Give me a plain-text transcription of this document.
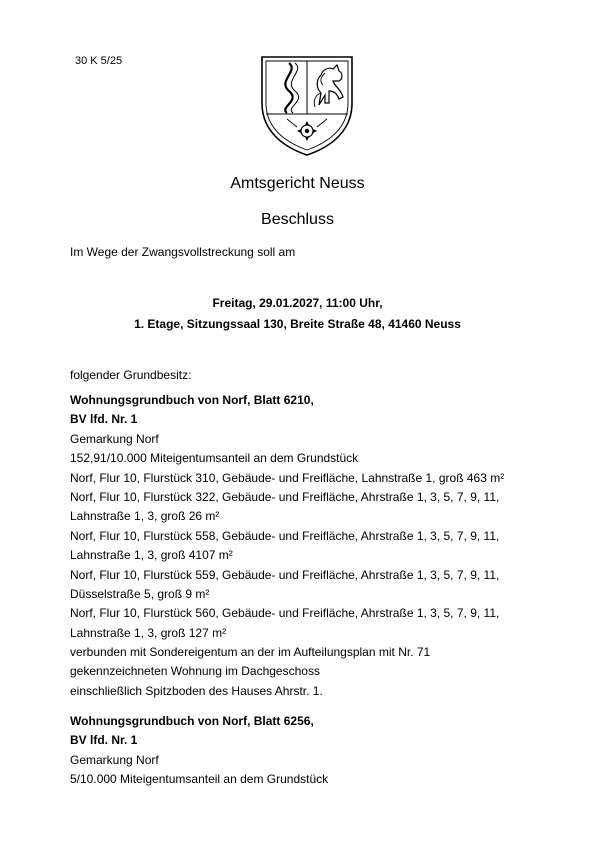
30 K 5/25
Amtsgericht Neuss
Beschluss
Im Wege der Zwangsvollstreckung soll am
Freitag, 29.01.2027, 11:00 Uhr,
1. Etage, Sitzungssaal 130, Breite Straße 48, 41460 Neuss
folgender Grundbesitz:
Wohnungsgrundbuch von Norf, Blatt 6210,
BV lfd. Nr. 1
Gemarkung Norf
152,91/10.000 Miteigentumsanteil an dem Grundstück
Norf, Flur 10, Flurstück 310, Gebäude- und Freifläche, Lahnstraße 1, groß 463 m²
Norf, Flur 10, Flurstück 322, Gebäude- und Freifläche, Ahrstraße 1, 3, 5, 7, 9, 11,
Lahnstraße 1, 3, groß 26 m²
Norf, Flur 10, Flurstück 558, Gebäude- und Freifläche, Ahrstraße 1, 3, 5, 7, 9, 11,
Lahnstraße 1, 3, groß 4107 m²
Norf, Flur 10, Flurstück 559, Gebäude- und Freifläche, Ahrstraße 1, 3, 5, 7, 9, 11,
Düsselstraße 5, groß 9 m²
Norf, Flur 10, Flurstück 560, Gebäude- und Freifläche, Ahrstraße 1, 3, 5, 7, 9, 11,
Lahnstraße 1, 3, groß 127 m²
verbunden mit Sondereigentum an der im Aufteilungsplan mit Nr. 71
gekennzeichneten Wohnung im Dachgeschoss
einschließlich Spitzboden des Hauses Ahrstr. 1.
Wohnungsgrundbuch von Norf, Blatt 6256,
BV lfd. Nr. 1
Gemarkung Norf
5/10.000 Miteigentumsanteil an dem Grundstück
